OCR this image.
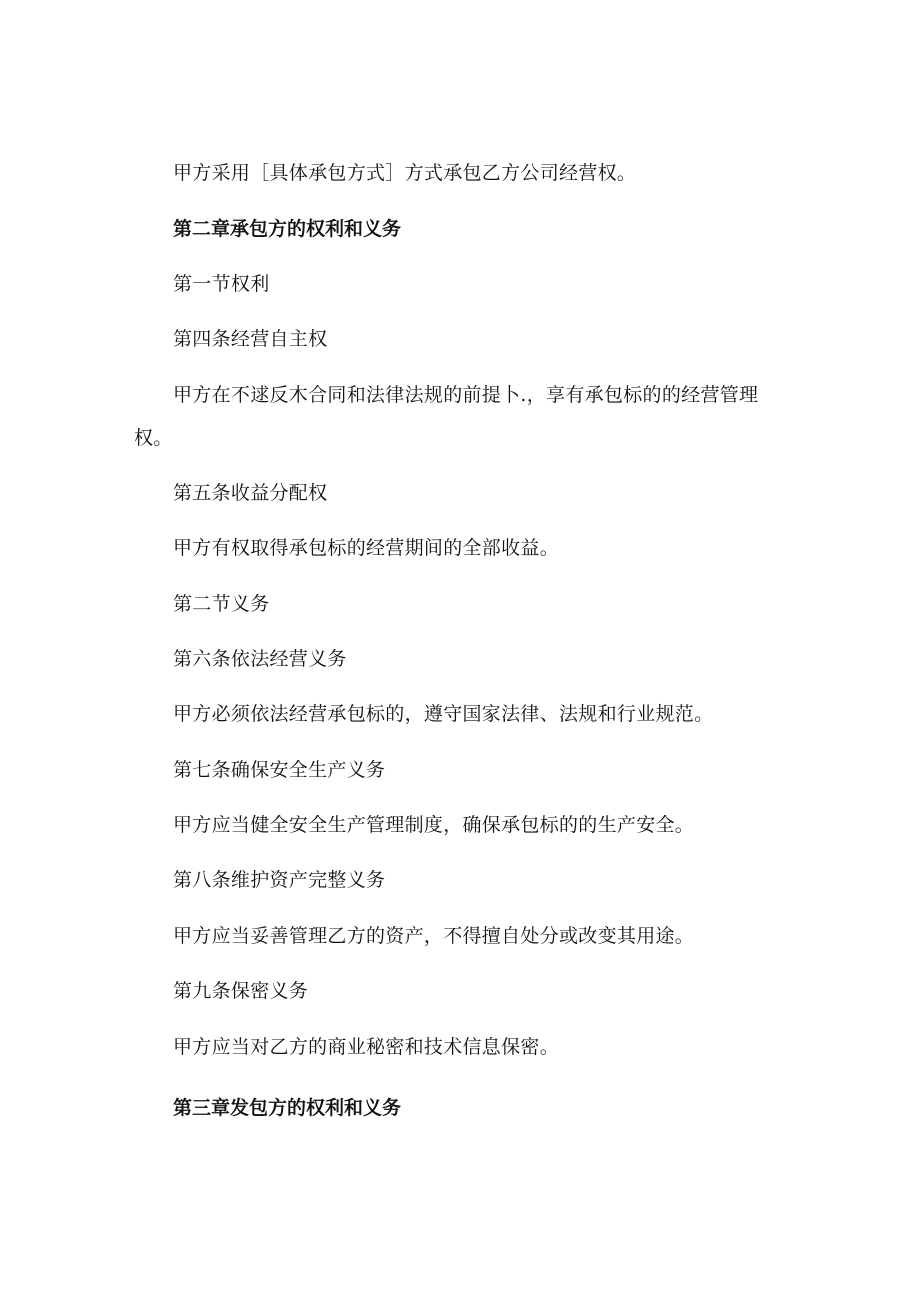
甲方采用［具体承包方式］方式承包乙方公司经营权。
第二章承包方的权利和义务
第一节权利
第四条经营自主权
甲方在不逑反木合同和法律法规的前提卜.，享有承包标的的经营管理
权。
第五条收益分配权
甲方有权取得承包标的经营期间的全部收益。
第二节义务
第六条依法经营义务
甲方必须依法经营承包标的，遵守国家法律、法规和行业规范。
第七条确保安全生产义务
甲方应当健全安全生产管理制度，确保承包标的的生产安全。
第八条维护资产完整义务
甲方应当妥善管理乙方的资产，不得擅自处分或改变其用途。
第九条保密义务
甲方应当对乙方的商业秘密和技术信息保密。
第三章发包方的权利和义务
